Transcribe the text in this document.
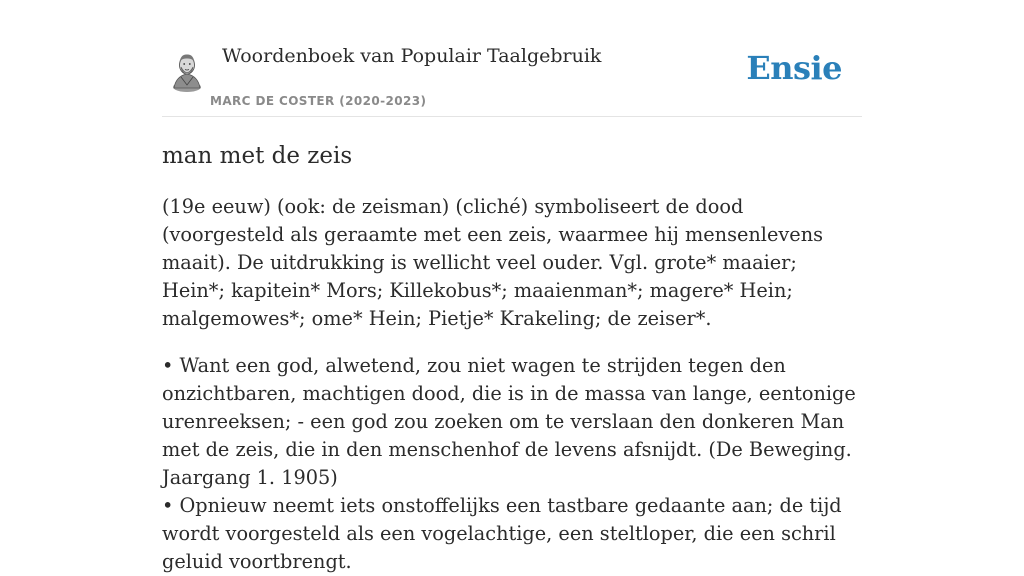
Woordenboek van Populair Taalgebruik
MARC DE COSTER (2020-2023)
Ensie
man met de zeis

(19e eeuw) (ook: de zeisman) (cliché) symboliseert de dood (voorgesteld als geraamte met een zeis, waarmee hij mensenlevens maait). De uitdrukking is wellicht veel ouder. Vgl. grote* maaier; Hein*; kapitein* Mors; Killekobus*; maaienman*; magere* Hein; malgemowes*; ome* Hein; Pietje* Krakeling; de zeiser*.

• Want een god, alwetend, zou niet wagen te strijden tegen den onzichtbaren, machtigen dood, die is in de massa van lange, eentonige urenreeksen; - een god zou zoeken om te verslaan den donkeren Man met de zeis, die in den menschenhof de levens afsnijdt. (De Beweging. Jaargang 1. 1905)
• Opnieuw neemt iets onstoffelijks een tastbare gedaante aan; de tijd wordt voorgesteld als een vogelachtige, een steltloper, die een schril geluid voortbrengt.
